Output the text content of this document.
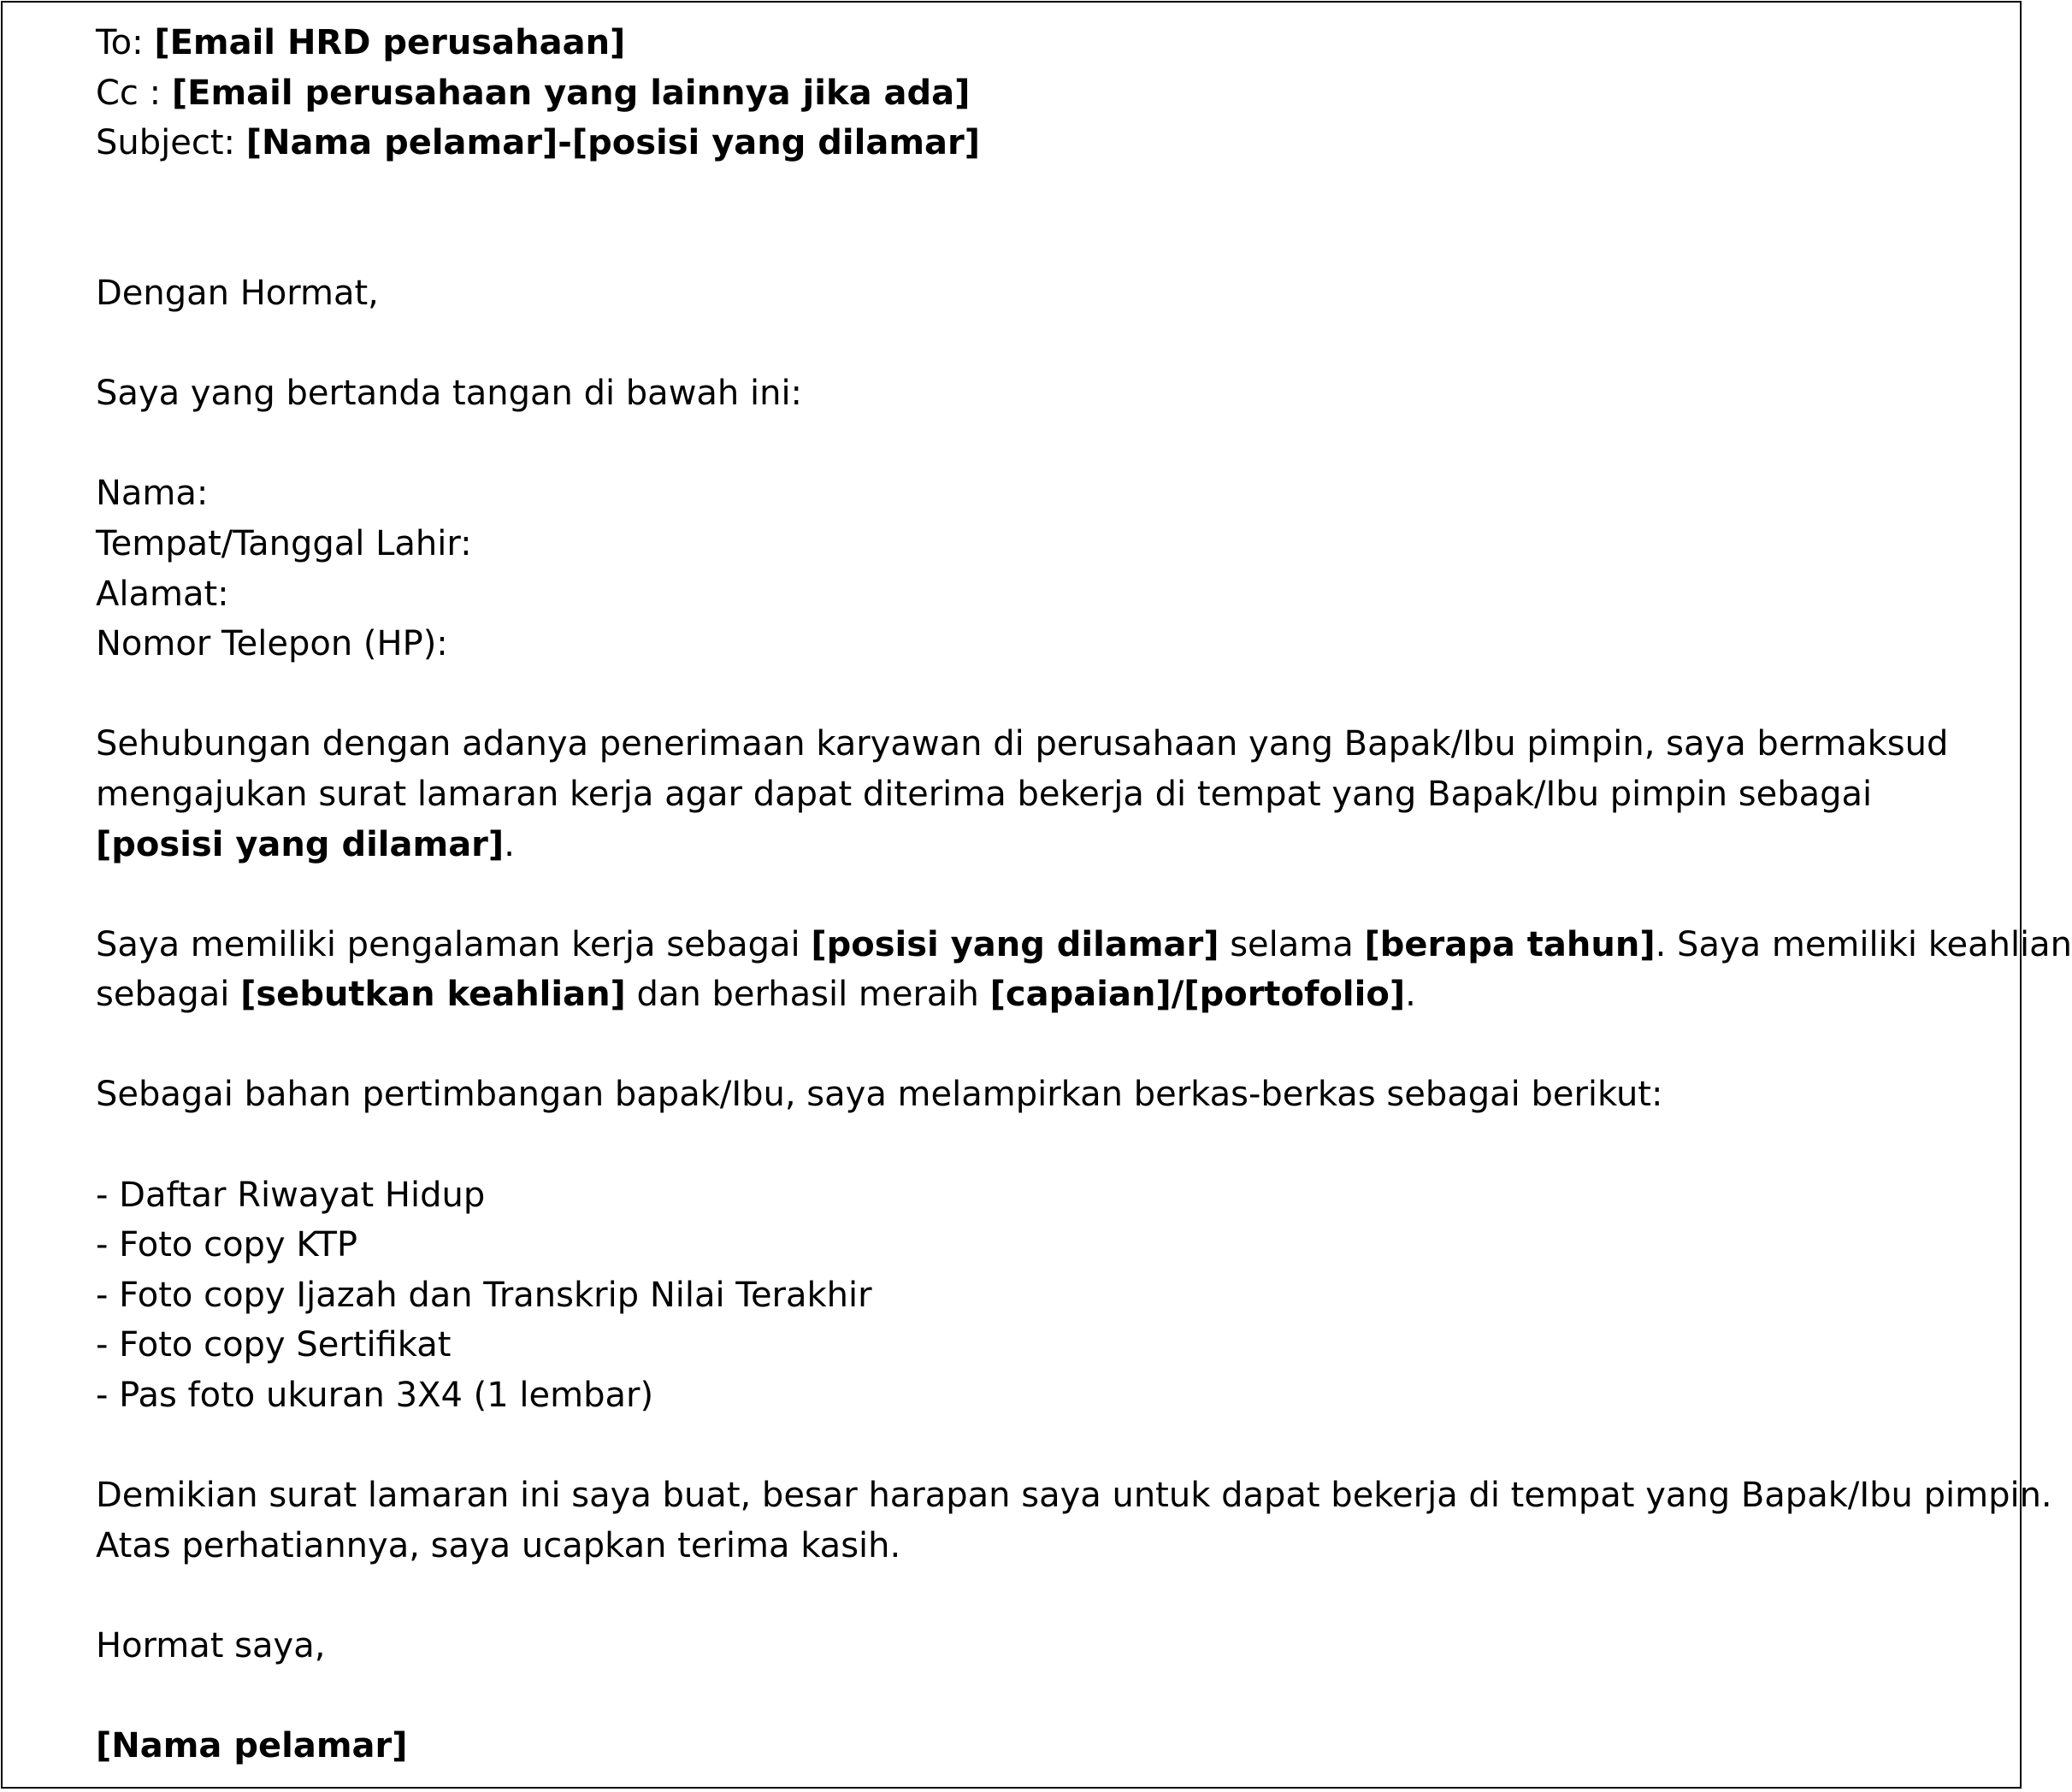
To: [Email HRD perusahaan]
Cc : [Email perusahaan yang lainnya jika ada]
Subject: [Nama pelamar]-[posisi yang dilamar]
Dengan Hormat,
Saya yang bertanda tangan di bawah ini:
Nama:
Tempat/Tanggal Lahir:
Alamat:
Nomor Telepon (HP):
Sehubungan dengan adanya penerimaan karyawan di perusahaan yang Bapak/Ibu pimpin, saya bermaksud
mengajukan surat lamaran kerja agar dapat diterima bekerja di tempat yang Bapak/Ibu pimpin sebagai
[posisi yang dilamar].
Saya memiliki pengalaman kerja sebagai [posisi yang dilamar] selama [berapa tahun]. Saya memiliki keahlian
sebagai [sebutkan keahlian] dan berhasil meraih [capaian]/[portofolio].
Sebagai bahan pertimbangan bapak/Ibu, saya melampirkan berkas-berkas sebagai berikut:
- Daftar Riwayat Hidup
- Foto copy KTP
- Foto copy Ijazah dan Transkrip Nilai Terakhir
- Foto copy Sertifikat
- Pas foto ukuran 3X4 (1 lembar)
Demikian surat lamaran ini saya buat, besar harapan saya untuk dapat bekerja di tempat yang Bapak/Ibu pimpin.
Atas perhatiannya, saya ucapkan terima kasih.
Hormat saya,
[Nama pelamar]
